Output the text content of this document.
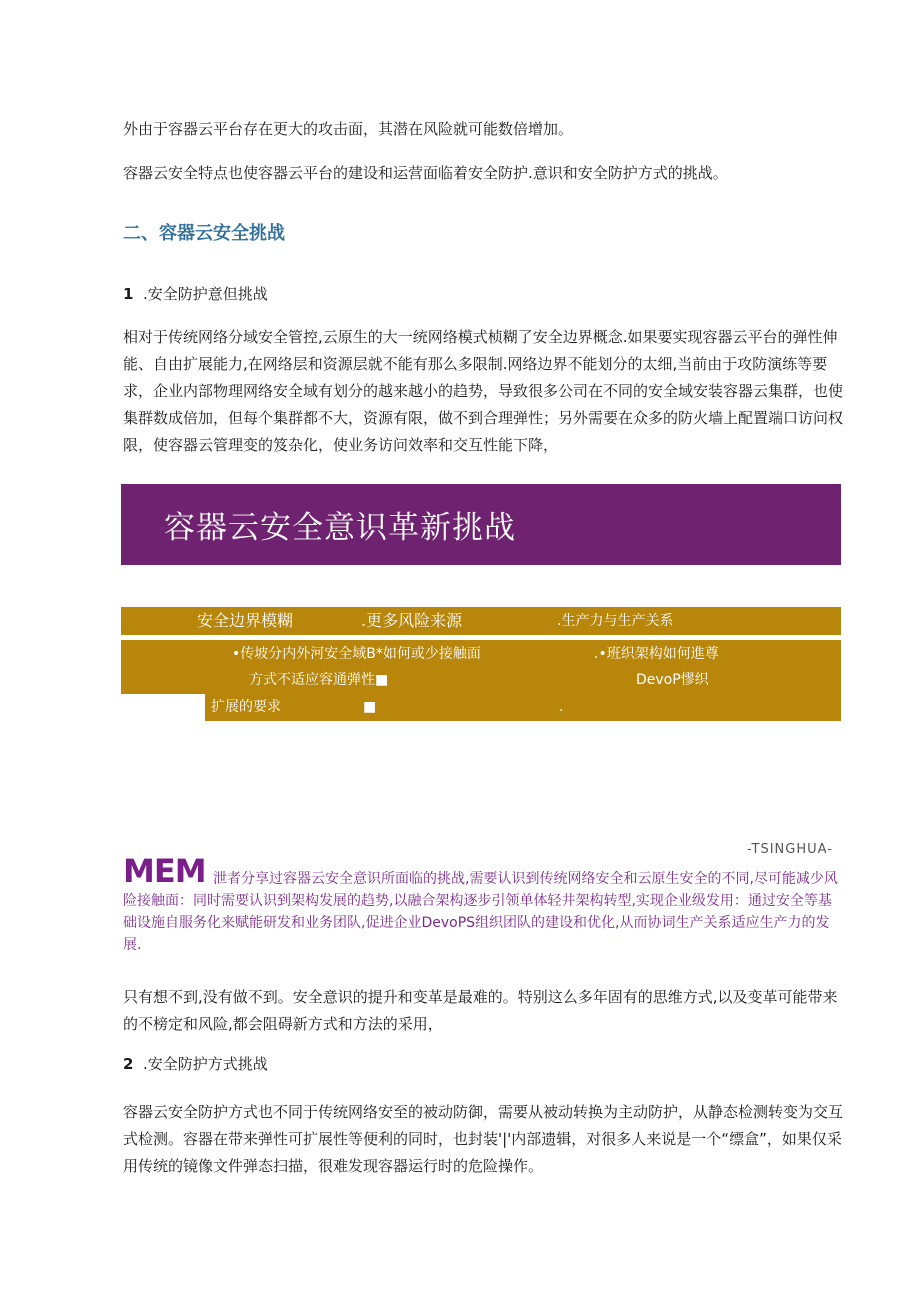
外由于容器云平台存在更大的攻击面，其潜在风险就可能数倍增加。

容器云安全特点也使容器云平台的建设和运营面临着安全防护.意识和安全防护方式的挑战。

二、容器云安全挑战
1 .安全防护意但挑战

相对于传统网络分域安全管控,云原生的大一统网络模式桢糊了安全边界概念.如果要实现容器云平台的弹性伸能、自由扩展能力,在网络层和资源层就不能有那么多限制.网络边界不能划分的太细,当前由于攻防演练等要求，企业内部物理网络安全域有划分的越来越小的趋势，导致很多公司在不同的安全域安装容器云集群，也使集群数成倍加，但每个集群都不大，资源有限，做不到合理弹性；另外需要在众多的防火墙上配置端口访问权限，使容器云管理变的笈杂化，使业务访问效率和交互性能下降，

容器云安全意识革新挑战
安全边界模糊	.更多风险来源	.生产力与生产关系
•传坡分内外河安全域B*如何或少接触面	.•班织架构如何進尊
方式不适应容通弹性■	DevoP憀织
扩展的要求	■	.
-TSINGHUA-
MEM 泄者分享过容器云安全意识所面临的挑战,需要认识到传统网络安全和云原生安全的不同,尽可能减少风险接触面：同时需要认识到架构发展的趋势,以融合架构逐步引领单体轻井架构转型,实现企业级发用：通过安全等基础设施自服务化来赋能研发和业务团队,促进企业DevoPS组织团队的建设和优化,从而协词生产关系适应生产力的发展.

只有想不到,没有做不到。安全意识的提升和变革是最难的。特别这么多年固有的思维方式,以及变革可能带来的不榜定和风险,都会阻碍新方式和方法的采用，

2 .安全防护方式挑战

容器云安全防护方式也不同于传统网络安至的被动防御，需要从被动转换为主动防护，从静态检测转变为交互式检测。容器在带来弹性可扩展性等便利的同时，也封装'|'内部遗辑，对很多人来说是一个“缥盒”，如果仅采用传统的镜像文件弹态扫描，很难发现容器运行时的危险操作。
